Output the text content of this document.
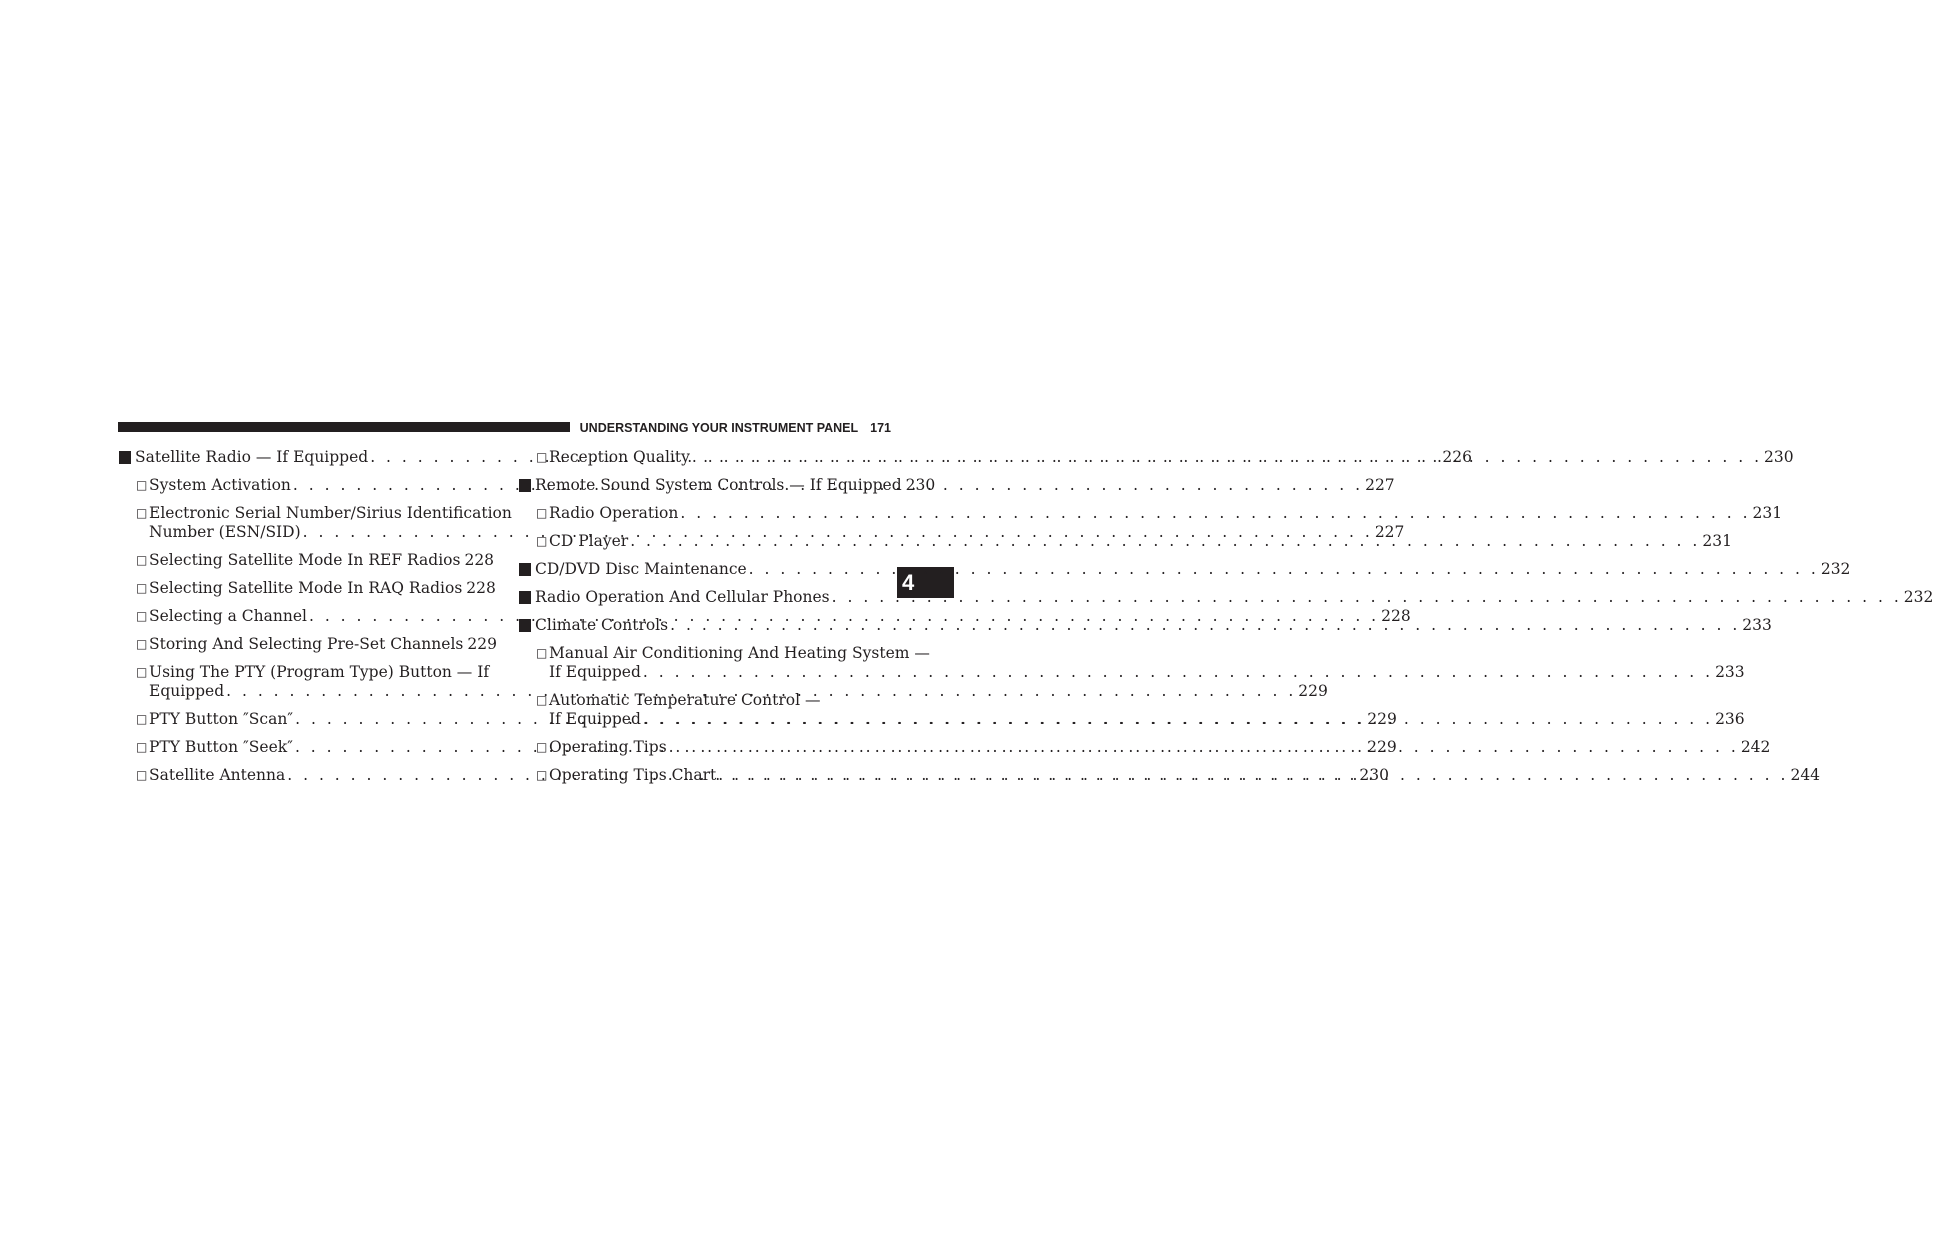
UNDERSTANDING YOUR INSTRUMENT PANEL 171
4
Satellite Radio — If Equipped . . .	226
□ System Activation . . .	227
□ Electronic Serial Number/Sirius Identification
Number (ESN/SID) . . .	227
□ Selecting Satellite Mode In REF Radios 228
□ Selecting Satellite Mode In RAQ Radios 228
□ Selecting a Channel . . .	228
□ Storing And Selecting Pre-Set Channels 229
□ Using The PTY (Program Type) Button — If
Equipped . . .	229
□ PTY Button ″Scan″ . . .	229
□ PTY Button ″Seek″ . . .	229
□ Satellite Antenna . . .	230
□ Reception Quality . . .	230
Remote Sound System Controls — If Equipped 230
□ Radio Operation . . .	231
□ CD Player . . .	231
CD/DVD Disc Maintenance . . .	232
Radio Operation And Cellular Phones . . .	232
Climate Controls . . .	233
□ Manual Air Conditioning And Heating System —
If Equipped . . .	233
□ Automatic Temperature Control —
If Equipped . . .	236
□ Operating Tips . . .	242
□ Operating Tips Chart . . .	244
